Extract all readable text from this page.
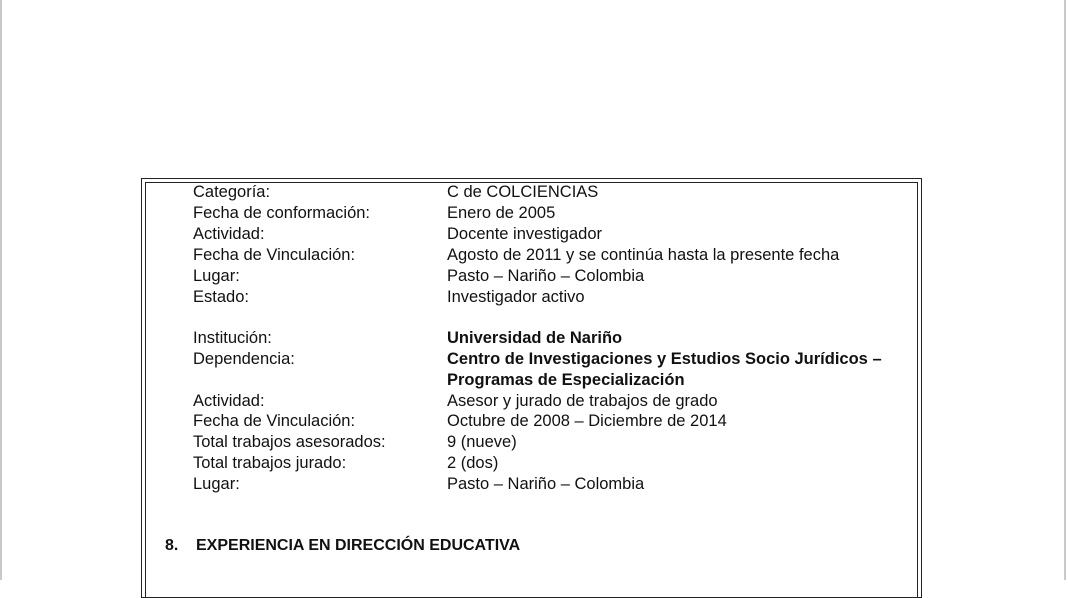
Categoría:	C de COLCIENCIAS
Fecha de conformación:	Enero de 2005
Actividad:	Docente investigador
Fecha de Vinculación:	Agosto de 2011 y se continúa hasta la presente fecha
Lugar:	Pasto – Nariño – Colombia
Estado:	Investigador activo
Institución:	Universidad de Nariño
Dependencia:	Centro de Investigaciones y Estudios Socio Jurídicos –
Programas de Especialización
Actividad:	Asesor y jurado de trabajos de grado
Fecha de Vinculación:	Octubre de 2008 – Diciembre de 2014
Total trabajos asesorados:	9 (nueve)
Total trabajos jurado:	2 (dos)
Lugar:	Pasto – Nariño – Colombia
8. EXPERIENCIA EN DIRECCIÓN EDUCATIVA
